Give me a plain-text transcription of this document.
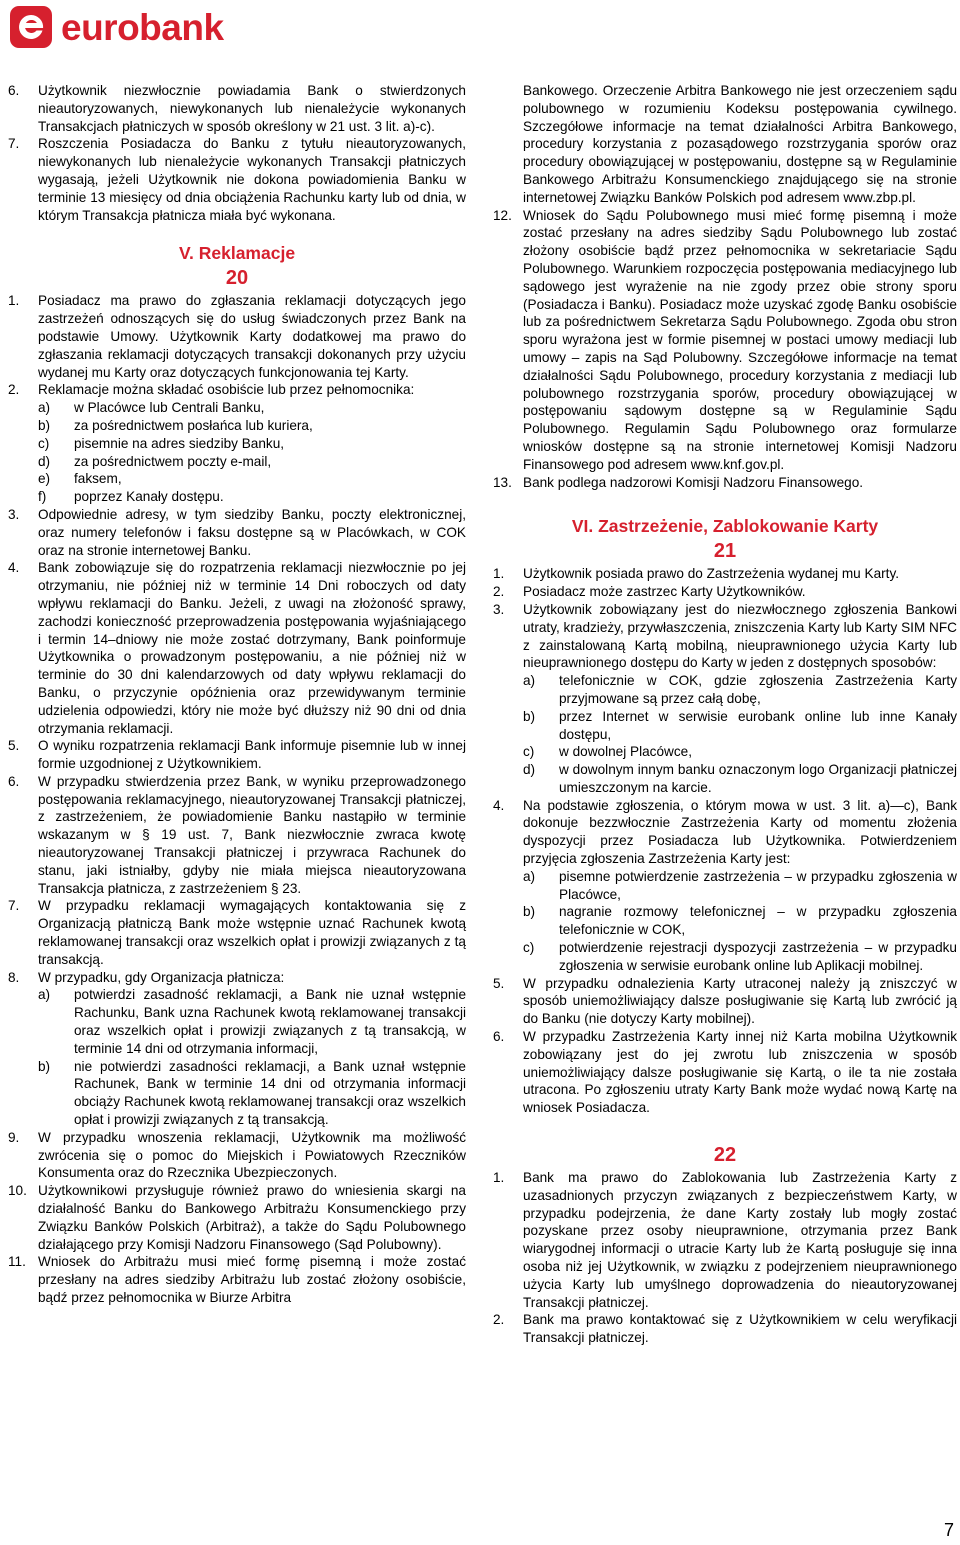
eurobank
6.	Użytkownik niezwłocznie powiadamia Bank o stwierdzonych nieautoryzowanych, niewykonanych lub nienależycie wykonanych Transakcjach płatniczych w sposób określony w 21 ust. 3 lit. a)-c).
7.	Roszczenia Posiadacza do Banku z tytułu nieautoryzowanych, niewykonanych lub nienależycie wykonanych Transakcji płatniczych wygasają, jeżeli Użytkownik nie dokona powiadomienia Banku w terminie 13 miesięcy od dnia obciążenia Rachunku karty lub od dnia, w którym Transakcja płatnicza miała być wykonana.
V. Reklamacje
20
1.	Posiadacz ma prawo do zgłaszania reklamacji dotyczących jego zastrzeżeń odnoszących się do usług świadczonych przez Bank na podstawie Umowy. Użytkownik Karty dodatkowej ma prawo do zgłaszania reklamacji dotyczących transakcji dokonanych przy użyciu wydanej mu Karty oraz dotyczących funkcjonowania tej Karty.
2.	Reklamacje można składać osobiście lub przez pełnomocnika:
a)	w Placówce lub Centrali Banku,
b)	za pośrednictwem posłańca lub kuriera,
c)	pisemnie na adres siedziby Banku,
d)	za pośrednictwem poczty e-mail,
e)	faksem,
f)	poprzez Kanały dostępu.
3.	Odpowiednie adresy, w tym siedziby Banku, poczty elektronicznej, oraz numery telefonów i faksu dostępne są w Placówkach, w COK oraz na stronie internetowej Banku.
4.	Bank zobowiązuje się do rozpatrzenia reklamacji niezwłocznie po jej otrzymaniu, nie później niż w terminie 14 Dni roboczych od daty wpływu reklamacji do Banku. Jeżeli, z uwagi na złożoność sprawy, zachodzi konieczność przeprowadzenia postępowania wyjaśniającego i termin 14–dniowy nie może zostać dotrzymany, Bank poinformuje Użytkownika o prowadzonym postępowaniu, a nie później niż w terminie do 30 dni kalendarzowych od daty wpływu reklamacji do Banku, o przyczynie opóźnienia oraz przewidywanym terminie udzielenia odpowiedzi, który nie może być dłuższy niż 90 dni od dnia otrzymania reklamacji.
5.	O wyniku rozpatrzenia reklamacji Bank informuje pisemnie lub w innej formie uzgodnionej z Użytkownikiem.
6.	W przypadku stwierdzenia przez Bank, w wyniku przeprowadzonego postępowania reklamacyjnego, nieautoryzowanej Transakcji płatniczej, z zastrzeżeniem, że powiadomienie Banku nastąpiło w terminie wskazanym w § 19 ust. 7, Bank niezwłocznie zwraca kwotę nieautoryzowanej Transakcji płatniczej i przywraca Rachunek do stanu, jaki istniałby, gdyby nie miała miejsca nieautoryzowana Transakcja płatnicza, z zastrzeżeniem § 23.
7.	W przypadku reklamacji wymagających kontaktowania się z Organizacją płatniczą Bank może wstępnie uznać Rachunek kwotą reklamowanej transakcji oraz wszelkich opłat i prowizji związanych z tą transakcją.
8.	W przypadku, gdy Organizacja płatnicza:
a)	potwierdzi zasadność reklamacji, a Bank nie uznał wstępnie Rachunku, Bank uzna Rachunek kwotą reklamowanej transakcji oraz wszelkich opłat i prowizji związanych z tą transakcją, w terminie 14 dni od otrzymania informacji,
b)	nie potwierdzi zasadności reklamacji, a Bank uznał wstępnie Rachunek, Bank w terminie 14 dni od otrzymania informacji obciąży Rachunek kwotą reklamowanej transakcji oraz wszelkich opłat i prowizji związanych z tą transakcją.
9.	W przypadku wnoszenia reklamacji, Użytkownik ma możliwość zwrócenia się o pomoc do Miejskich i Powiatowych Rzeczników Konsumenta oraz do Rzecznika Ubezpieczonych.
10. Użytkownikowi przysługuje również prawo do wniesienia skargi na działalność Banku do Bankowego Arbitrażu Konsumenckiego przy Związku Banków Polskich (Arbitraż), a także do Sądu Polubownego działającego przy Komisji Nadzoru Finansowego (Sąd Polubowny).
11. Wniosek do Arbitrażu musi mieć formę pisemną i może zostać przesłany na adres siedziby Arbitrażu lub zostać złożony osobiście, bądź przez pełnomocnika w Biurze Arbitra
Bankowego. Orzeczenie Arbitra Bankowego nie jest orzeczeniem sądu polubownego w rozumieniu Kodeksu postępowania cywilnego. Szczegółowe informacje na temat działalności Arbitra Bankowego, procedury korzystania z pozasądowego rozstrzygania sporów oraz procedury obowiązującej w postępowaniu, dostępne są w Regulaminie Bankowego Arbitrażu Konsumenckiego znajdującego się na stronie internetowej Związku Banków Polskich pod adresem www.zbp.pl.
12. Wniosek do Sądu Polubownego musi mieć formę pisemną i może zostać przesłany na adres siedziby Sądu Polubownego lub zostać złożony osobiście bądź przez pełnomocnika w sekretariacie Sądu Polubownego. Warunkiem rozpoczęcia postępowania mediacyjnego lub sądowego jest wyrażenie na nie zgody przez obie strony sporu (Posiadacza i Banku). Posiadacz może uzyskać zgodę Banku osobiście lub za pośrednictwem Sekretarza Sądu Polubownego. Zgoda obu stron sporu wyrażona jest w formie pisemnej w postaci umowy mediacji lub umowy – zapis na Sąd Polubowny. Szczegółowe informacje na temat działalności Sądu Polubownego, procedury korzystania z mediacji lub polubownego rozstrzygania sporów, procedury obowiązującej w postępowaniu sądowym dostępne są w Regulaminie Sądu Polubownego. Regulamin Sądu Polubownego oraz formularze wniosków dostępne są na stronie internetowej Komisji Nadzoru Finansowego pod adresem www.knf.gov.pl.
13. Bank podlega nadzorowi Komisji Nadzoru Finansowego.
VI. Zastrzeżenie, Zablokowanie Karty
21
1.	Użytkownik posiada prawo do Zastrzeżenia wydanej mu Karty.
2.	Posiadacz może zastrzec Karty Użytkowników.
3.	Użytkownik zobowiązany jest do niezwłocznego zgłoszenia Bankowi utraty, kradzieży, przywłaszczenia, zniszczenia Karty lub Karty SIM NFC z zainstalowaną Kartą mobilną, nieuprawnionego użycia Karty lub nieuprawnionego dostępu do Karty w jeden z dostępnych sposobów:
a)	telefonicznie w COK, gdzie zgłoszenia Zastrzeżenia Karty przyjmowane są przez całą dobę,
b)	przez Internet w serwisie eurobank online lub inne Kanały dostępu,
c)	w dowolnej Placówce,
d)	w dowolnym innym banku oznaczonym logo Organizacji płatniczej umieszczonym na karcie.
4.	Na podstawie zgłoszenia, o którym mowa w ust. 3 lit. a)—c), Bank dokonuje bezzwłocznie Zastrzeżenia Karty od momentu złożenia dyspozycji przez Posiadacza lub Użytkownika. Potwierdzeniem przyjęcia zgłoszenia Zastrzeżenia Karty jest:
a)	pisemne potwierdzenie zastrzeżenia – w przypadku zgłoszenia w Placówce,
b)	nagranie rozmowy telefonicznej – w przypadku zgłoszenia telefonicznie w COK,
c)	potwierdzenie rejestracji dyspozycji zastrzeżenia – w przypadku zgłoszenia w serwisie eurobank online lub Aplikacji mobilnej.
5.	W przypadku odnalezienia Karty utraconej należy ją zniszczyć w sposób uniemożliwiający dalsze posługiwanie się Kartą lub zwrócić ją do Banku (nie dotyczy Karty mobilnej).
6.	W przypadku Zastrzeżenia Karty innej niż Karta mobilna Użytkownik zobowiązany jest do jej zwrotu lub zniszczenia w sposób uniemożliwiający dalsze posługiwanie się Kartą, o ile ta nie została utracona. Po zgłoszeniu utraty Karty Bank może wydać nową Kartę na wniosek Posiadacza.
22
1.	Bank ma prawo do Zablokowania lub Zastrzeżenia Karty z uzasadnionych przyczyn związanych z bezpieczeństwem Karty, w przypadku podejrzenia, że dane Karty zostały lub mogły zostać pozyskane przez osoby nieuprawnione, otrzymania przez Bank wiarygodnej informacji o utracie Karty lub że Kartą posługuje się inna osoba niż jej Użytkownik, w związku z podejrzeniem nieuprawnionego użycia Karty lub umyślnego doprowadzenia do nieautoryzowanej Transakcji płatniczej.
2.	Bank ma prawo kontaktować się z Użytkownikiem w celu weryfikacji Transakcji płatniczej.
7
